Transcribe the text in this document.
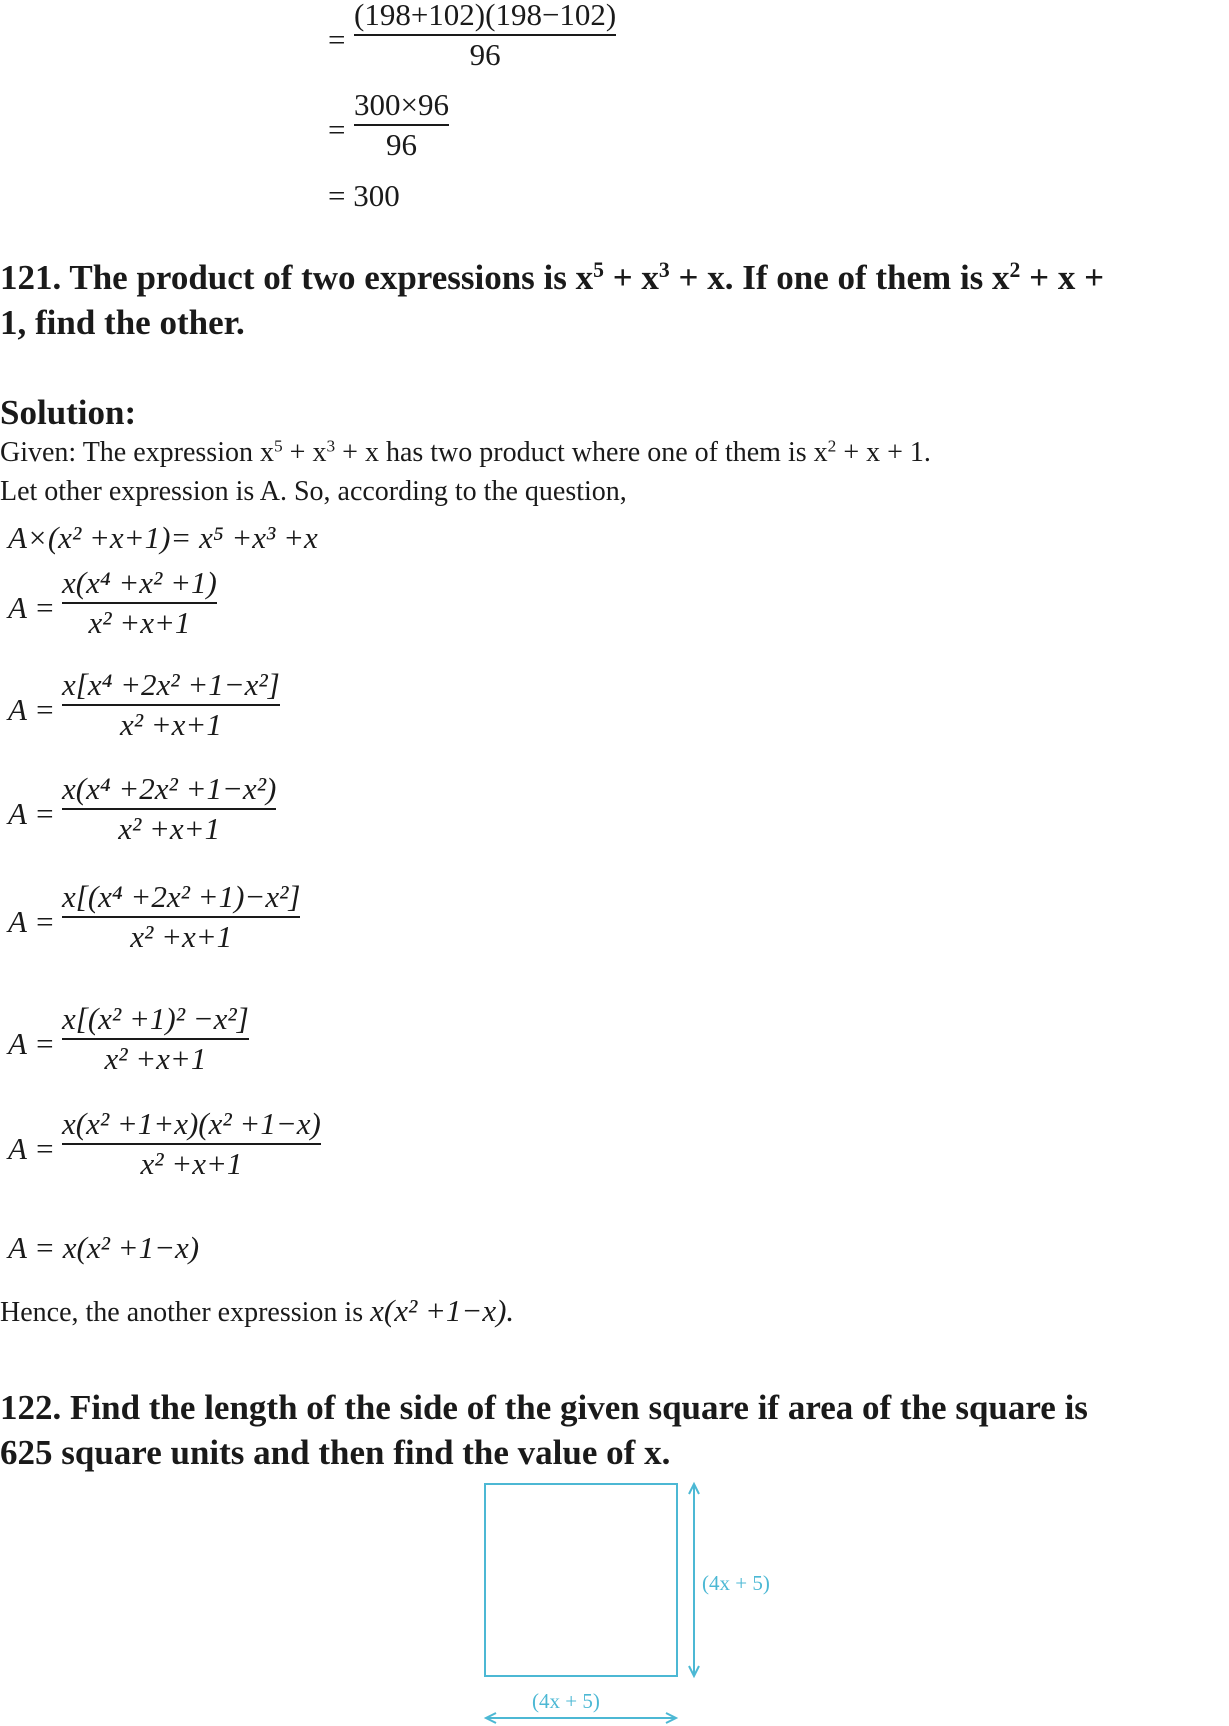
=
(198+102)(198−102)
96
=
300×96
96
= 300
121. The product of two expressions is $x^5 + x^3 + x$. If one of them is $x^2 + x$ +
1, find the other.
Solution:
Given: The expression $x^5 + x^3 + x$ has two product where one of them is $x^2 + x + 1$.
Let other expression is A. So, according to the question,
A×(x² +x+1)= x⁵ +x³ +x
A =
x(x⁴ +x² +1)
x² +x+1
A =
x[x⁴ +2x² +1−x²]
x² +x+1
A =
x(x⁴ +2x² +1−x²)
x² +x+1
A =
x[(x⁴ +2x² +1)−x²]
x² +x+1
A =
x[(x² +1)² −x²]
x² +x+1
A =
x(x² +1+x)(x² +1−x)
x² +x+1
A = x(x² +1−x)
Hence, the another expression is x(x² +1−x).
122. Find the length of the side of the given square if area of the square is
625 square units and then find the value of x.
(4x + 5)
(4x + 5)
